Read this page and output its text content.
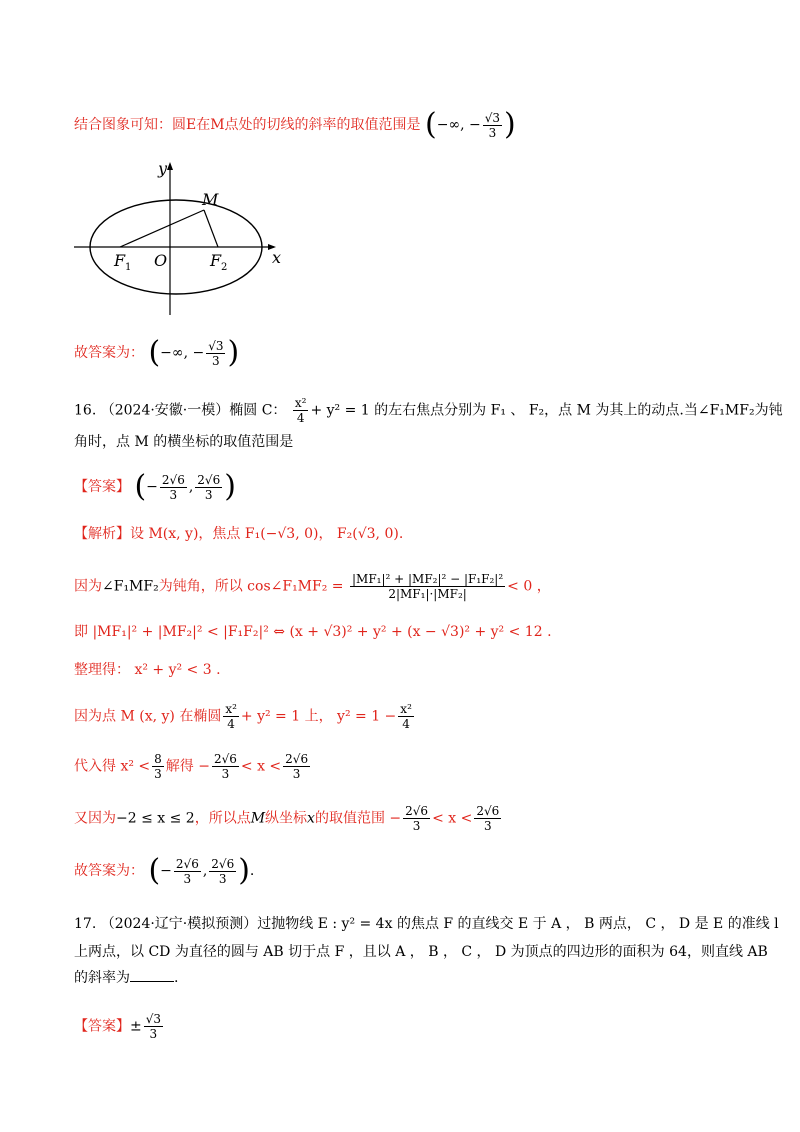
结合图象可知：圆E在M点处的切线的斜率的取值范围是 (−∞, − $\frac{√3}{3}$ )
y
x
M
F 1 O	F 2
故答案为： (−∞, − $\frac{√3}{3}$ )
16. （2024·安徽·一模）椭圆 C： $\frac{\text{x²}}{4} + y^2 = 1$ 的左右焦点分别为 F₁ 、 F₂，点 M 为其上的动点.当∠F₁MF₂为钝
角时，点 M 的横坐标的取值范围是
【答案】 (− $\frac{2√6}{3}$ , $\frac{2√6}{3}$ )
【解析】设 M(x, y)，焦点 F₁(−√3, 0)， F₂(√3, 0).
因为∠F₁MF₂为钝角，所以 cos∠F₁MF₂ = $\frac{\text{|MF₁|² + |MF₂|² − |F₁F₂|²}}{\text{2|MF₁|·|MF₂|}} < 0$ ，
即 |MF₁|² + |MF₂|² < |F₁F₂|² ⇔ (x + √3)² + y² + (x − √3)² + y² < 12 .
整理得： x² + y² < 3 .
因为点 M (x, y) 在椭圆 $\frac{\text{x²}}{4} + y^2 = 1$ 上， $y^2 = 1 - \frac{\text{x²}}{4}$
代入得 $x^2 < \frac{8}{3}$ 解得 − $\frac{2√6}{3} < x < \frac{2√6}{3}$
又因为−2 ≤ x ≤ 2，所以点M纵坐标x的取值范围 − $\frac{2√6}{3} < x < \frac{2√6}{3}$
故答案为： (− $\frac{2√6}{3}$ , $\frac{2√6}{3}$ ).
17. （2024·辽宁·模拟预测）过抛物线 E : y² = 4x 的焦点 F 的直线交 E 于 A ， B 两点， C ， D 是 E 的准线 l
上两点，以 CD 为直径的圆与 AB 切于点 F ，且以 A ， B ， C ， D 为顶点的四边形的面积为 64，则直线 AB
的斜率为	.
【答案】± $\frac{√3}{3}$
